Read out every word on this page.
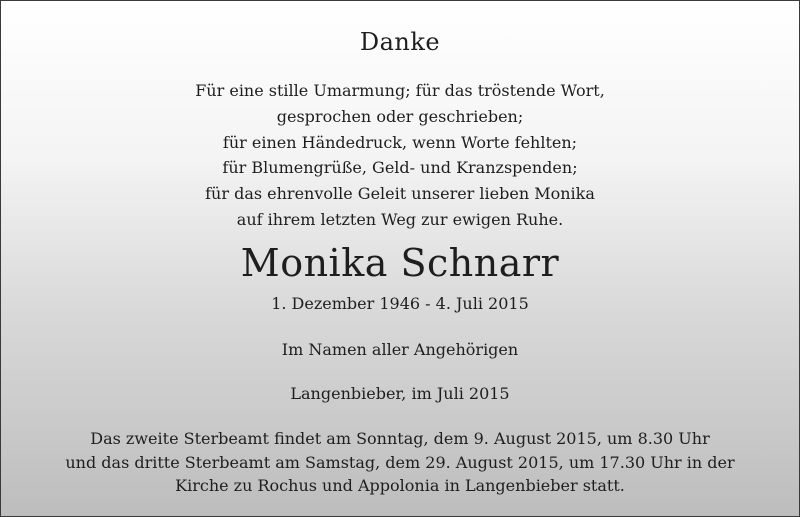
Danke
Für eine stille Umarmung; für das tröstende Wort,
gesprochen oder geschrieben;
für einen Händedruck, wenn Worte fehlten;
für Blumengrüße, Geld- und Kranzspenden;
für das ehrenvolle Geleit unserer lieben Monika
auf ihrem letzten Weg zur ewigen Ruhe.
Monika Schnarr
1. Dezember 1946 - 4. Juli 2015
Im Namen aller Angehörigen
Langenbieber, im Juli 2015
Das zweite Sterbeamt findet am Sonntag, dem 9. August 2015, um 8.30 Uhr
und das dritte Sterbeamt am Samstag, dem 29. August 2015, um 17.30 Uhr in der
Kirche zu Rochus und Appolonia in Langenbieber statt.
